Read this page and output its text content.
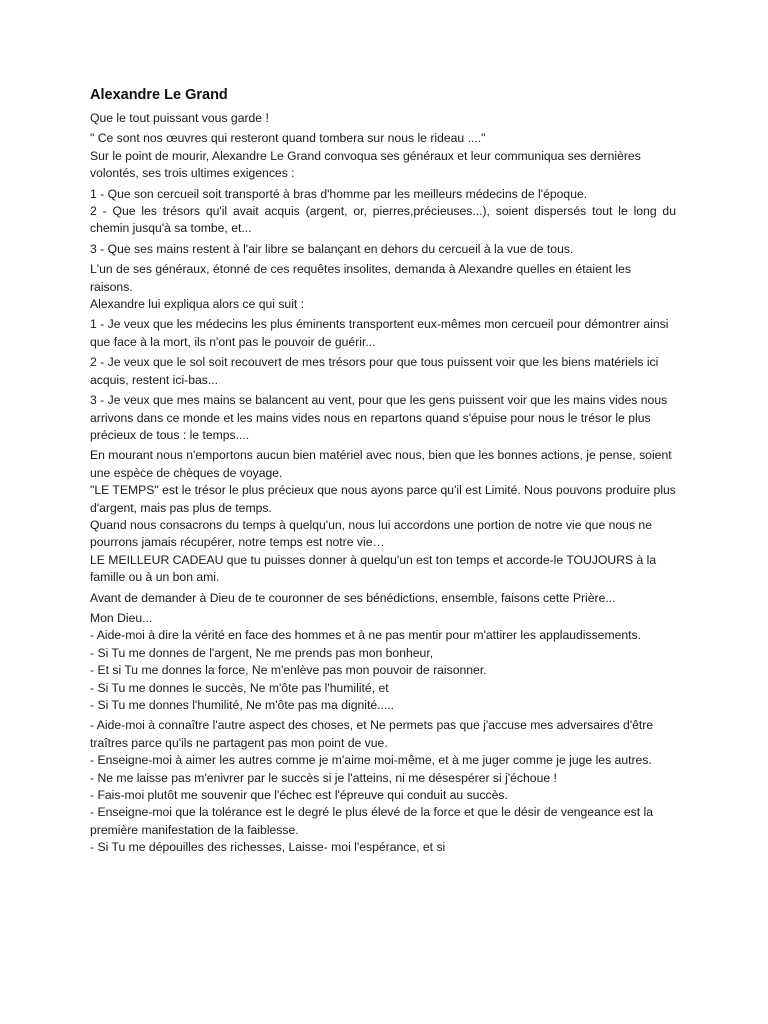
Alexandre Le Grand
Que le tout puissant vous garde !
" Ce sont nos œuvres qui resteront quand tombera sur nous le rideau ...."
Sur le point de mourir, Alexandre Le Grand convoqua ses généraux et leur communiqua ses dernières volontés, ses trois ultimes exigences :
1 - Que son cercueil soit transporté à bras d'homme par les meilleurs médecins de l'époque.
2 - Que les trésors qu'il avait acquis (argent, or, pierres,précieuses...), soient dispersés tout le long du chemin jusqu'à sa tombe, et...
3 - Que ses mains restent à l'air libre se balançant en dehors du cercueil à la vue de tous.
L'un de ses généraux, étonné de ces requêtes insolites, demanda à Alexandre quelles en étaient les raisons.
Alexandre lui expliqua alors ce qui suit :
1 - Je veux que les médecins les plus éminents transportent eux-mêmes mon cercueil pour démontrer ainsi que face à la mort, ils n'ont pas le pouvoir de guérir...
2 - Je veux que le sol soit recouvert de mes trésors pour que tous puissent voir que les biens matériels ici acquis, restent ici-bas...
3 - Je veux que mes mains se balancent au vent, pour que les gens puissent voir que les mains vides nous arrivons dans ce monde et les mains vides nous en repartons quand s'épuise pour nous le trésor le plus précieux de tous : le temps....
En mourant nous n'emportons aucun bien matériel avec nous, bien que les bonnes actions, je pense, soient une espèce de chèques de voyage.
"LE TEMPS" est le trésor le plus précieux que nous ayons parce qu'il est Limité. Nous pouvons produire plus d'argent, mais pas plus de temps.
Quand nous consacrons du temps à quelqu'un, nous lui accordons une portion de notre vie que nous ne pourrons jamais récupérer, notre temps est notre vie…
LE MEILLEUR CADEAU que tu puisses donner à quelqu'un est ton temps et accorde-le TOUJOURS à la famille ou à un bon ami.
Avant de demander à Dieu de te couronner de ses bénédictions, ensemble, faisons cette Prière...
Mon Dieu...
- Aide-moi à dire la vérité en face des hommes et à ne pas mentir pour m'attirer les applaudissements.
- Si Tu me donnes de l'argent, Ne me prends pas mon bonheur,
- Et si Tu me donnes la force, Ne m'enlève pas mon pouvoir de raisonner.
- Si Tu me donnes le succès, Ne m'ôte pas l'humilité, et
- Si Tu me donnes l'humilité, Ne m'ôte pas ma dignité.....
- Aide-moi à connaître l'autre aspect des choses, et Ne permets pas que j'accuse mes adversaires d'être traîtres parce qu'ils ne partagent pas mon point de vue.
- Enseigne-moi à aimer les autres comme je m'aime moi-même, et à me juger comme je juge les autres.
- Ne me laisse pas m'enivrer par le succès si je l'atteins, ni me désespérer si j'échoue !
- Fais-moi plutôt me souvenir que l'échec est l'épreuve qui conduit au succès.
- Enseigne-moi que la tolérance est le degré le plus élevé de la force et que le désir de vengeance est la première manifestation de la faiblesse.
- Si Tu me dépouilles des richesses, Laisse- moi l'espérance, et si
